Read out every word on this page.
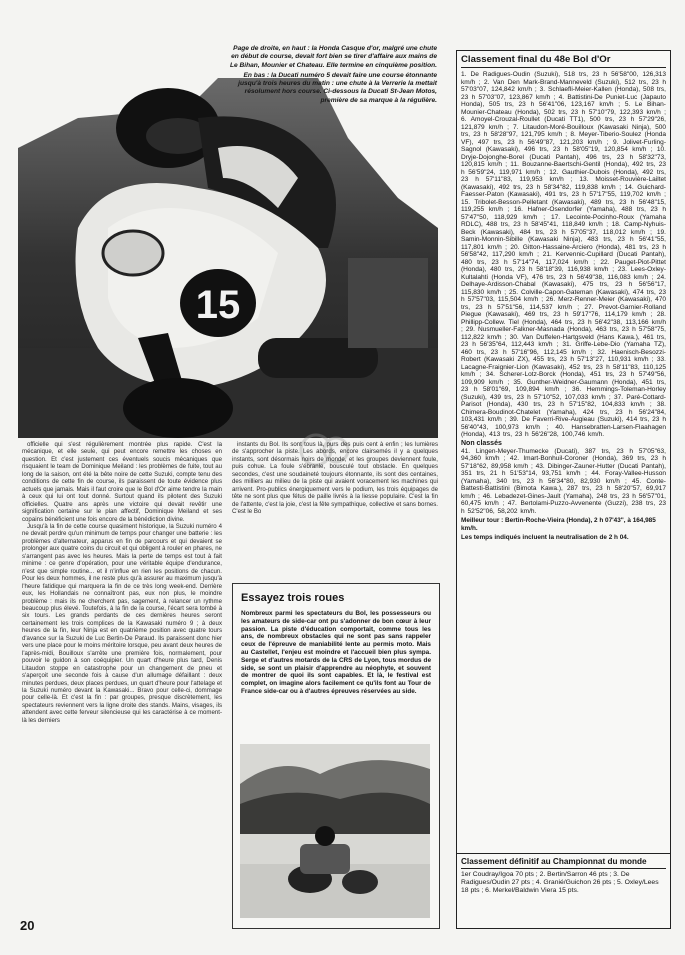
15

Page de droite, en haut : la Honda Casque d'or, malgré une chute en début de course, devait fort bien se tirer d'affaire aux mains de Le Bihan, Mounier et Chateau. Elle termine en cinquième position.

En bas : la Ducati numéro 5 devait faire une course étonnante jusqu'à trois heures du matin : une chute à la Verrerie la mettait résolument hors course. Ci-dessous la Ducati St-Jean Motos, première de sa marque à la régulière.

officielle qui s'est régulièrement montrée plus rapide. C'est la mécanique, et elle seule, qui peut encore remettre les choses en question. Et c'est justement ces éventuels soucis mécaniques que risquaient le team de Dominique Meiland : les problèmes de fuite, tout au long de la saison, ont été la bête noire de cette Suzuki, compte tenu des conditions de cette fin de course, ils paraissent de toute évidence plus actuels que jamais. Mais il faut croire que le Bol d'Or aime tendre la main à ceux qui lui ont tout donné. Surtout quand ils pilotent des Suzuki officielles. Quatre ans après une victoire qui devait revêtir une signification certaine sur le plan affectif, Dominique Meiland et ses copains bénéficient une fois encore de la bénédiction divine.

Jusqu'à la fin de cette course quasiment historique, la Suzuki numéro 4 ne devait perdre qu'un minimum de temps pour changer une batterie : les problèmes d'alternateur, apparus en fin de parcours et qui devaient se prolonger aux quatre coins du circuit et qui obligent à rouler en phares, ne s'arrangent pas avec les heures. Mais la perte de temps est tout à fait minime : ce genre d'opération, pour une véritable équipe d'endurance, n'est que simple routine... et il n'influe en rien les positions de chacun. Pour les deux hommes, il ne reste plus qu'à assurer au maximum jusqu'à l'heure fatidique qui marquera la fin de ce très long week-end. Derrière eux, les Hollandais ne connaîtront pas, eux non plus, le moindre problème : mais ils ne cherchent pas, sagement, à relancer un rythme beaucoup plus élevé. Toutefois, à la fin de la course, l'écart sera tombé à six tours. Les grands perdants de ces dernières heures seront certainement les trois complices de la Kawasaki numéro 9 ; à deux heures de la fin, leur Ninja est en quatrième position avec quatre tours d'avance sur la Suzuki de Luc Bertin-De Paraud. Ils paraissent donc hier vers une place pour le moins méritoire lorsque, peu avant deux heures de l'après-midi, Bouilloux s'arrête une première fois, normalement, pour pouvoir le guidon à son coéquipier. Un quart d'heure plus tard, Denis Litaudon stoppe en catastrophe pour un changement de pneu et s'aperçoit une seconde fois à cause d'un allumage défaillant : deux minutes perdues, deux places perdues, un quart d'heure pour l'attelage et la Suzuki numéro devant la Kawasaki... Bravo pour celle-ci, dommage pour celle-là. Et c'est la fin : par groupes, presque discrètement, les spectateurs reviennent vers la ligne droite des stands. Mains, visages, ils attendent avec cette ferveur silencieuse qui les caractérise à ce moment-là les derniers

instants du Bol. Ils sont tous là, purs des puis cent à enfin ; les lumières de s'approcher la piste. Les abords, encore clairsemés il y a quelques instants, sont désormais noirs de monde, et les groupes deviennent foule, puis cohue. La foule s'ébranle, bousculé tout obstacle. En quelques secondes, c'est une soudaineté toujours étonnante, ils sont des centaines, des milliers au milieu de la piste qui avaient voracement les machines qui arrivent. Pro-publics énergiquement vers le podium, les trois équipages de tête ne sont plus que fétus de paille livrés à la liesse populaire. C'est la fin de l'attente, c'est la joie, c'est la fête sympathique, collective et sans bornes. C'est le Bo

Essayez trois roues
Nombreux parmi les spectateurs du Bol, les possesseurs ou les amateurs de side-car ont pu s'adonner de bon cœur à leur passion. La piste d'éducation comportait, comme tous les ans, de nombreux obstacles qui ne sont pas sans rappeler ceux de l'épreuve de maniabilité lente au permis moto. Mais au Castellet, l'enjeu est moindre et l'accueil bien plus sympa. Serge et d'autres motards de la CRS de Lyon, tous mordus de side, se sont un plaisir d'apprendre au néophyte, et souvent de montrer de quoi ils sont capables. Et là, le festival est complet, on imagine alors facilement ce qu'ils font au Tour de France side-car ou à d'autres épreuves réservées au side.
Classement final du 48e Bol d'Or
1. De Radigues-Oudin (Suzuki), 518 trs, 23 h 56'58"00, 126,313 km/h ; 2. Van Den Mark-Brand-Manneveld (Suzuki), 512 trs, 23 h 57'03"07, 124,842 km/h ; 3. Schlaefli-Meier-Kallen (Honda), 508 trs, 23 h 57'03"07, 123,867 km/h ; 4. Battistini-De Puniet-Luc (Japauto Honda), 505 trs, 23 h 56'41"06, 123,167 km/h ; 5. Le Bihan-Mounier-Chateau (Honda), 502 trs, 23 h 57'10"79, 122,393 km/h ; 6. Amoyel-Crouzal-Roullet (Ducati TT1), 500 trs, 23 h 57'29"26, 121,879 km/h ; 7. Litaudon-Moré-Bouilloux (Kawasaki Ninja), 500 trs, 23 h 58'28"97, 121,795 km/h ; 8. Meyer-Tiberio-Soulez (Honda VF), 497 trs, 23 h 56'49"87, 121,203 km/h ; 9. Jolivet-Furling-Sagnol (Kawasaki), 496 trs, 23 h 58'05"19, 120,854 km/h ; 10. Dryje-Dojonghe-Borel (Ducati Pantah), 496 trs, 23 h 58'32"73, 120,815 km/h ; 11. Bouzanne-Baertschi-Gentil (Honda), 492 trs, 23 h 56'59"24, 119,971 km/h ; 12. Gauthier-Dubois (Honda), 492 trs, 23 h 57'11"83, 119,953 km/h ; 13. Moisset-Rouvière-Lailtet (Kawasaki), 492 trs, 23 h 58'34"82, 119,838 km/h ; 14. Guichard-Faesser-Paton (Kawasaki), 491 trs, 23 h 57'17"55, 119,702 km/h ; 15. Tribolet-Besson-Pelletant (Kawasaki), 489 trs, 23 h 56'48"15, 119,255 km/h ; 16. Hafner-Osendorfer (Yamaha), 488 trs, 23 h 57'47"50, 118,929 km/h ; 17. Lecointe-Pocinho-Roux (Yamaha RDLC), 488 trs, 23 h 58'45"41, 118,849 km/h ; 18. Camp-Nyhuis-Beck (Kawasaki), 484 trs, 23 h 57'05"37, 118,012 km/h ; 19. Samin-Monnin-Sibille (Kawasaki Ninja), 483 trs, 23 h 56'41"55, 117,801 km/h ; 20. Gitton-Hassaine-Arciero (Honda), 481 trs, 23 h 56'58"42, 117,290 km/h ; 21. Kervennic-Cupillard (Ducati Pantah), 480 trs, 23 h 57'14"74, 117,024 km/h ; 22. Pauget-Piot-Pittet (Honda), 480 trs, 23 h 58'18"39, 116,938 km/h ; 23. Lees-Oxley-Kultalahti (Honda VF), 476 trs, 23 h 56'49"38, 116,083 km/h ; 24. Delhaye-Ardisson-Chabal (Kawasaki), 475 trs, 23 h 56'56"17, 115,830 km/h ; 25. Colville-Capon-Gateman (Kawasaki), 474 trs, 23 h 57'57"03, 115,504 km/h ; 26. Merz-Renner-Meier (Kawasaki), 470 trs, 23 h 57'51"56, 114,537 km/h ; 27. Prevot-Garnier-Rolland Piegue (Kawasaki), 469 trs, 23 h 59'17"76, 114,179 km/h ; 28. Phillipp-Collew. Tiel (Honda), 464 trs, 23 h 56'42"38, 113,166 km/h ; 29. Nusmueller-Falkner-Masnada (Honda), 463 trs, 23 h 57'58"75, 112,822 km/h ; 30. Van Duffelen-Hartgsveld (Hans Kawa.), 461 trs, 23 h 56'35"64, 112,443 km/h ; 31. Griffe-Lebe-Dio (Yamaha TZ), 460 trs, 23 h 57'16"96, 112,145 km/h ; 32. Haenisch-Besozzi-Robert (Kawasaki ZX), 455 trs, 23 h 57'13"27, 110,931 km/h ; 33. Lacagne-Fraignier-Lion (Kawasaki), 452 trs, 23 h 58'11"83, 110,125 km/h ; 34. Scherer-Lotz-Borck (Honda), 451 trs, 23 h 57'49"56, 109,909 km/h ; 35. Gunther-Weidner-Gaumann (Honda), 451 trs, 23 h 58'01"69, 109,894 km/h ; 36. Hemmings-Toleman-Horley (Suzuki), 439 trs, 23 h 57'10"52, 107,033 km/h ; 37. Paré-Cottard-Parisot (Honda), 430 trs, 23 h 57'15"82, 104,833 km/h ; 38. Chimera-Boudinot-Chatelet (Yamaha), 424 trs, 23 h 56'24"84, 103,431 km/h ; 39. De Faverri-Rive-Augieau (Suzuki), 414 trs, 23 h 56'40"43, 100,973 km/h ; 40. Hansebratten-Larsen-Flaahagen (Honda), 413 trs, 23 h 56'26"28, 100,746 km/h.
Non classés
41. Lingen-Meyer-Thumecke (Ducati), 387 trs, 23 h 57'05"63, 94,360 km/h ; 42. Imart-Bonhuil-Coroner (Honda), 369 trs, 23 h 57'18"62, 89,958 km/h ; 43. Dibinger-Zauner-Hutter (Ducati Pantah), 351 trs, 21 h 51'53"14, 93,751 km/h ; 44. Foray-Vallee-Husson (Yamaha), 340 trs, 23 h 56'34"80, 82,930 km/h ; 45. Conte-Battesti-Battistini (Bimota Kawa.), 287 trs, 23 h 58'20"57, 69,917 km/h ; 46. Lebadezet-Gines-Jault (Yamaha), 248 trs, 23 h 56'57"01, 60,475 km/h ; 47. Bertolami-Puzzo-Avvenente (Guzzi), 238 trs, 23 h 52'52"06, 58,202 km/h.
Meilleur tour : Bertin-Roche-Vieira (Honda), 2 h 07'43", à 164,985 km/h.
Les temps indiqués incluent la neutralisation de 2 h 04.
Classement définitif au Championnat du monde
1er Coudray/Igoa 70 pts ; 2. Bertin/Sarron 46 pts ; 3. De Radigues/Oudin 27 pts ; 4. Granié/Guichon 26 pts ; 5. Oxley/Lees 18 pts ; 6. Merkel/Baldwin Viera 15 pts.
20
